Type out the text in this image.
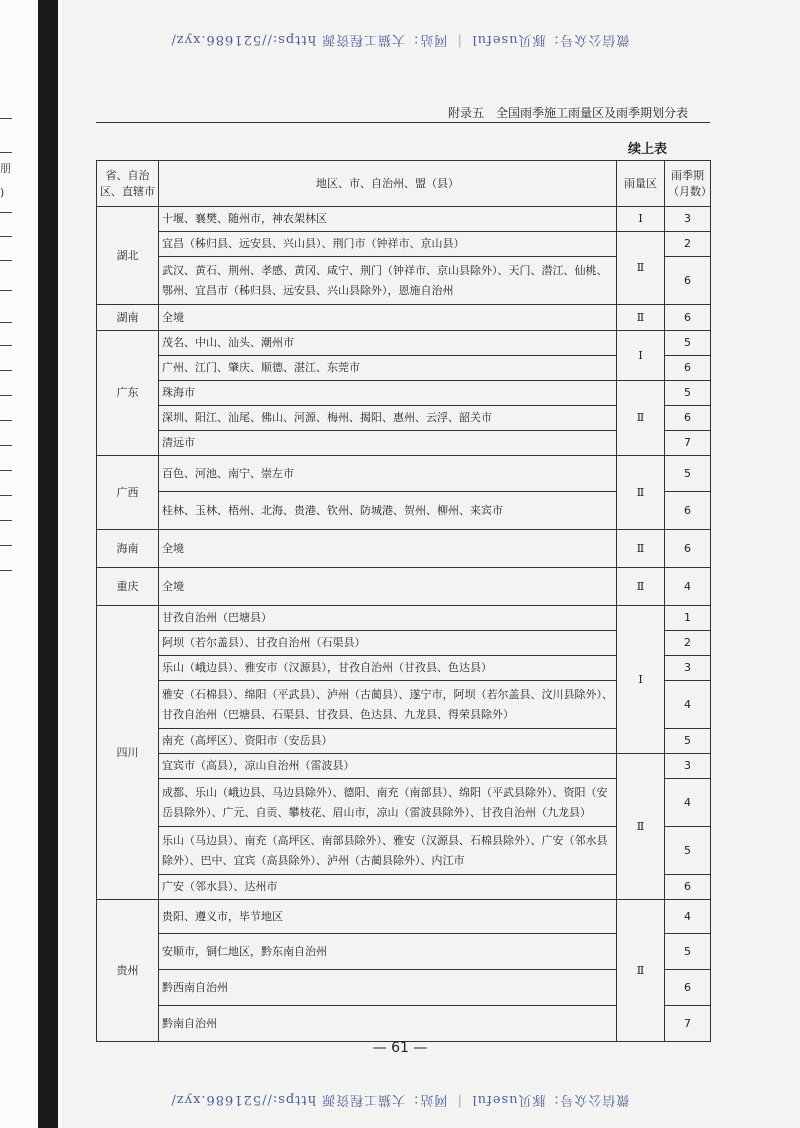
朋
)
微信公众号：豚贝useful ｜ 网站：大猫工程资源 https://521686.xyz/
附录五　全国雨季施工雨量区及雨季期划分表
续上表
省、自治区、直辖市	地区、市、自治州、盟（县）	雨量区	雨季期（月数）
湖北	十堰、襄樊、随州市，神农架林区	Ⅰ	3
	宜昌（秭归县、远安县、兴山县）、荆门市（钟祥市、京山县）	Ⅱ	2
	武汉、黄石、荆州、孝感、黄冈、咸宁、荆门（钟祥市、京山县除外）、天门、潜江、仙桃、鄂州、宜昌市（秭归县、远安县、兴山县除外），恩施自治州		6
湖南	全境	Ⅱ	6
广东	茂名、中山、汕头、潮州市	Ⅰ	5
	广州、江门、肇庆、顺德、湛江、东莞市		6
	珠海市	Ⅱ	5
	深圳、阳江、汕尾、佛山、河源、梅州、揭阳、惠州、云浮、韶关市		6
	清远市		7
广西	百色、河池、南宁、崇左市	Ⅱ	5
	桂林、玉林、梧州、北海、贵港、钦州、防城港、贺州、柳州、来宾市		6
海南	全境	Ⅱ	6
重庆	全境	Ⅱ	4
四川	甘孜自治州（巴塘县）	Ⅰ	1
	阿坝（若尔盖县）、甘孜自治州（石渠县）		2
	乐山（峨边县）、雅安市（汉源县），甘孜自治州（甘孜县、色达县）		3
	雅安（石棉县）、绵阳（平武县）、泸州（古蔺县）、遂宁市，阿坝（若尔盖县、汶川县除外）、甘孜自治州（巴塘县、石渠县、甘孜县、色达县、九龙县、得荣县除外）		4
	南充（高坪区）、资阳市（安岳县）		5
	宜宾市（高县），凉山自治州（雷波县）	Ⅱ	3
	成都、乐山（峨边县、马边县除外）、德阳、南充（南部县）、绵阳（平武县除外）、资阳（安岳县除外）、广元、自贡、攀枝花、眉山市，凉山（雷波县除外）、甘孜自治州（九龙县）		4
	乐山（马边县）、南充（高坪区、南部县除外）、雅安（汉源县、石棉县除外）、广安（邻水县除外）、巴中、宜宾（高县除外）、泸州（古蔺县除外）、内江市		5
	广安（邻水县）、达州市		6
贵州	贵阳、遵义市，毕节地区	Ⅱ	4
	安顺市，铜仁地区，黔东南自治州		5
	黔西南自治州		6
	黔南自治州		7
— 61 —
微信公众号：豚贝useful ｜ 网站：大猫工程资源 https://521686.xyz/
